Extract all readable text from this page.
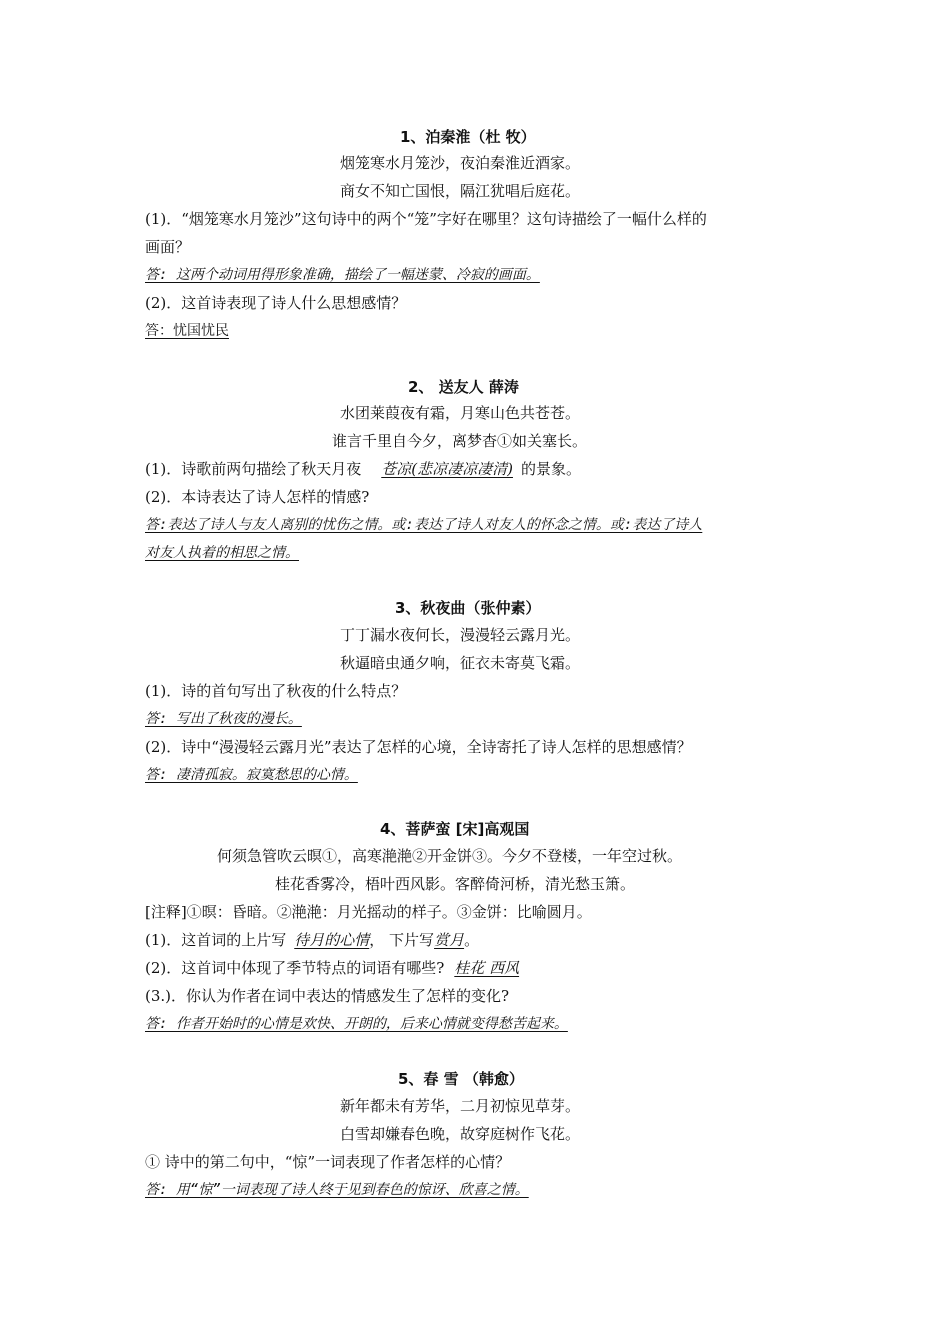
1、泊秦淮（杜 牧）
烟笼寒水月笼沙，夜泊秦淮近酒家。
商女不知亡国恨，隔江犹唱后庭花。
(1)．“烟笼寒水月笼沙”这句诗中的两个“笼”字好在哪里？这句诗描绘了一幅什么样的
画面？
答: 这两个动词用得形象准确，描绘了一幅迷蒙、冷寂的画面。
(2)．这首诗表现了诗人什么思想感情？
答：忧国忧民
2、 送友人 薛涛
水团莱葭夜有霜，月寒山色共苍苍。
谁言千里自今夕，离梦杳①如关塞长。
(1)．诗歌前两句描绘了秋天月夜 苍凉(悲凉凄凉凄清) 的景象。
(2)．本诗表达了诗人怎样的情感?
答:表达了诗人与友人离别的忧伤之情。或:表达了诗人对友人的怀念之情。或:表达了诗人
对友人执着的相思之情。
3、秋夜曲（张仲素）
丁丁漏水夜何长，漫漫轻云露月光。
秋逼暗虫通夕响，征衣未寄莫飞霜。
(1)．诗的首句写出了秋夜的什么特点？
答: 写出了秋夜的漫长。
(2)．诗中“漫漫轻云露月光”表达了怎样的心境，全诗寄托了诗人怎样的思想感情？
答: 凄清孤寂。寂寞愁思的心情。
4、菩萨蛮 [宋]高观国
何须急管吹云暝①，高寒滟滟②开金饼③。今夕不登楼，一年空过秋。
桂花香雾冷，梧叶西风影。客醉倚河桥，清光愁玉箫。
[注释]①暝：昏暗。②滟滟：月光摇动的样子。③金饼：比喻圆月。
(1)．这首词的上片写 待月的心情， 下片写赏月。
(2)．这首词中体现了季节特点的词语有哪些? 桂花 西风
(3.)．你认为作者在词中表达的情感发生了怎样的变化?
答: 作者开始时的心情是欢快、开朗的，后来心情就变得愁苦起来。
5、春 雪 （韩愈）
新年都未有芳华，二月初惊见草芽。
白雪却嫌春色晚，故穿庭树作飞花。
① 诗中的第二句中，“惊”一词表现了作者怎样的心情？
答: 用“惊”一词表现了诗人终于见到春色的惊讶、欣喜之情。
